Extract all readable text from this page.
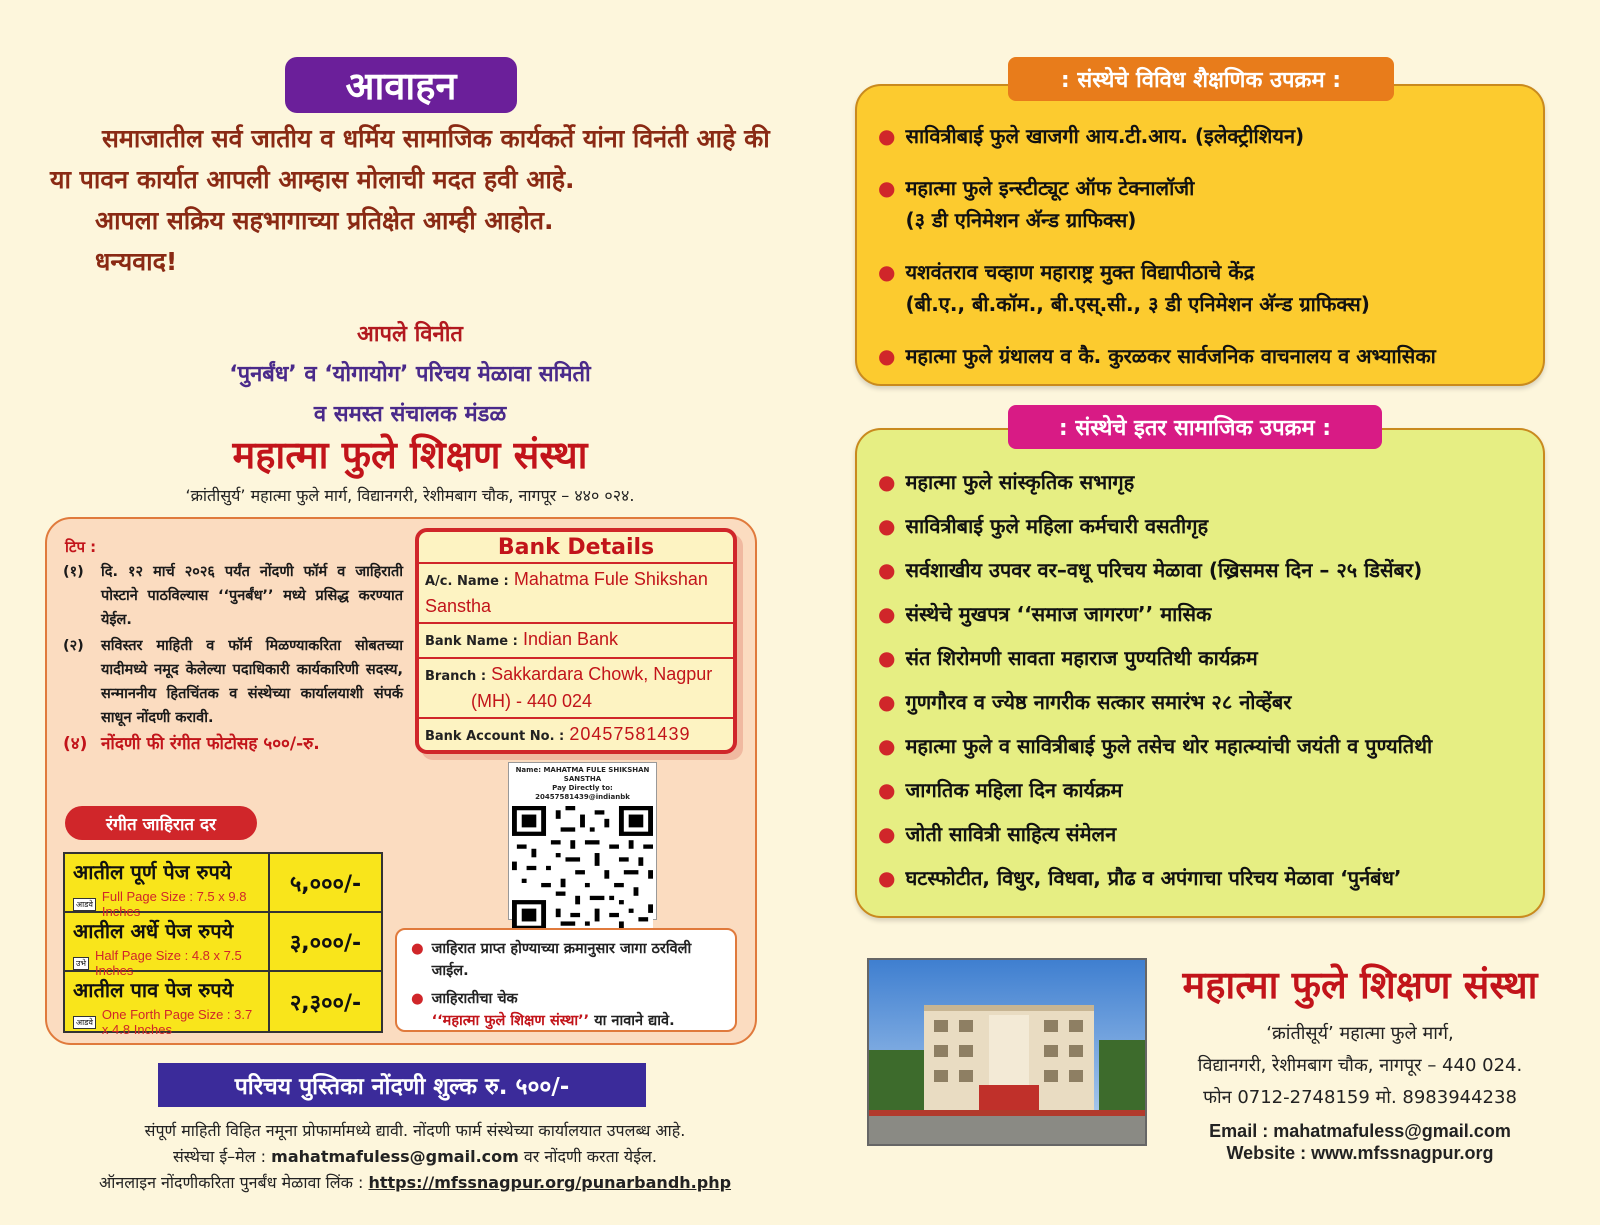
आवाहन

समाजातील सर्व जातीय व धर्मिय सामाजिक कार्यकर्ते यांना विनंती आहे की या पावन कार्यात आपली आम्हास मोलाची मदत हवी आहे.

आपला सक्रिय सहभागाच्या प्रतिक्षेत आम्ही आहोत.

धन्यवाद!

आपले विनीत
‘पुनर्बंध’ व ‘योगायोग’ परिचय मेळावा समिती
व समस्त संचालक मंडळ
महात्मा फुले शिक्षण संस्था
‘क्रांतीसुर्य’ महात्मा फुले मार्ग, विद्यानगरी, रेशीमबाग चौक, नागपूर – ४४० ०२४.
टिप :
(१)	दि. १२ मार्च २०२६ पर्यंत नोंदणी फॉर्म व जाहिराती पोस्टाने पाठविल्यास ‘‘पुनर्बंध’’ मध्ये प्रसिद्ध करण्यात येईल.
(२)	सविस्तर माहिती व फॉर्म मिळण्याकरिता सोबतच्या यादीमध्ये नमूद केलेल्या पदाधिकारी कार्यकारिणी सदस्य, सन्माननीय हितचिंतक व संस्थेच्या कार्यालयाशी संपर्क साधून नोंदणी करावी.
(४) नोंदणी फी रंगीत फोटोसह ५००/-रु.
Bank Details
A/c. Name : Mahatma Fule Shikshan Sanstha
Bank Name : Indian Bank
Branch : Sakkardara Chowk, Nagpur
(MH) - 440 024
Bank Account No. : 20457581439
Name: MAHATMA FULE SHIKSHAN SANSTHA
Pay Directly to: 20457581439@indianbk
रंगीत जाहिरात दर
आतील पूर्ण पेज रुपये
आडवे Full Page Size : 7.5 x 9.8 Inches
५,०००/-
आतील अर्धे पेज रुपये
उभे Half Page Size : 4.8 x 7.5 Inches
३,०००/-
आतील पाव पेज रुपये
आडवे One Forth Page Size : 3.7 x 4.8 Inches
२,३००/-
● जाहिरात प्राप्त होण्याच्या क्रमानुसार जागा ठरविली जाईल.
● जाहिरातीचा चेक
‘‘महात्मा फुले शिक्षण संस्था’’ या नावाने द्यावे.
परिचय पुस्तिका नोंदणी शुल्क रु. ५००/-
संपूर्ण माहिती विहित नमूना प्रोफार्मामध्ये द्यावी. नोंदणी फार्म संस्थेच्या कार्यालयात उपलब्ध आहे.
संस्थेचा ई–मेल : mahatmafuless@gmail.com वर नोंदणी करता येईल.
ऑनलाइन नोंदणीकरिता पुनर्बंध मेळावा लिंक : https://mfssnagpur.org/punarbandh.php
: संस्थेचे विविध शैक्षणिक उपक्रम :
● सावित्रीबाई फुले खाजगी आय.टी.आय. (इलेक्ट्रीशियन)
● महात्मा फुले इन्स्टीट्यूट ऑफ टेक्नालॉजी
(३ डी एनिमेशन अ‍ॅन्ड ग्राफिक्स)
● यशवंतराव चव्हाण महाराष्ट्र मुक्त विद्यापीठाचे केंद्र
(बी.ए., बी.कॉम., बी.एस्.सी., ३ डी एनिमेशन अ‍ॅन्ड ग्राफिक्स)
● महात्मा फुले ग्रंथालय व कै. कुरळकर सार्वजनिक वाचनालय व अभ्यासिका
: संस्थेचे इतर सामाजिक उपक्रम :
● महात्मा फुले सांस्कृतिक सभागृह
● सावित्रीबाई फुले महिला कर्मचारी वसतीगृह
● सर्वशाखीय उपवर वर–वधू परिचय मेळावा (ख्रिसमस दिन – २५ डिसेंबर)
● संस्थेचे मुखपत्र ‘‘समाज जागरण’’ मासिक
● संत शिरोमणी सावता महाराज पुण्यतिथी कार्यक्रम
● गुणगौरव व ज्येष्ठ नागरीक सत्कार समारंभ २८ नोव्हेंबर
● महात्मा फुले व सावित्रीबाई फुले तसेच थोर महात्म्यांची जयंती व पुण्यतिथी
● जागतिक महिला दिन कार्यक्रम
● जोती सावित्री साहित्य संमेलन
● घटस्फोटीत, विधुर, विधवा, प्रौढ व अपंगाचा परिचय मेळावा ‘पुर्नबंध’
महात्मा फुले शिक्षण संस्था
‘क्रांतीसूर्य’ महात्मा फुले मार्ग,
विद्यानगरी, रेशीमबाग चौक, नागपूर – 440 024.
फोन 0712-2748159 मो. 8983944238
Email : mahatmafuless@gmail.com
Website : www.mfssnagpur.org
